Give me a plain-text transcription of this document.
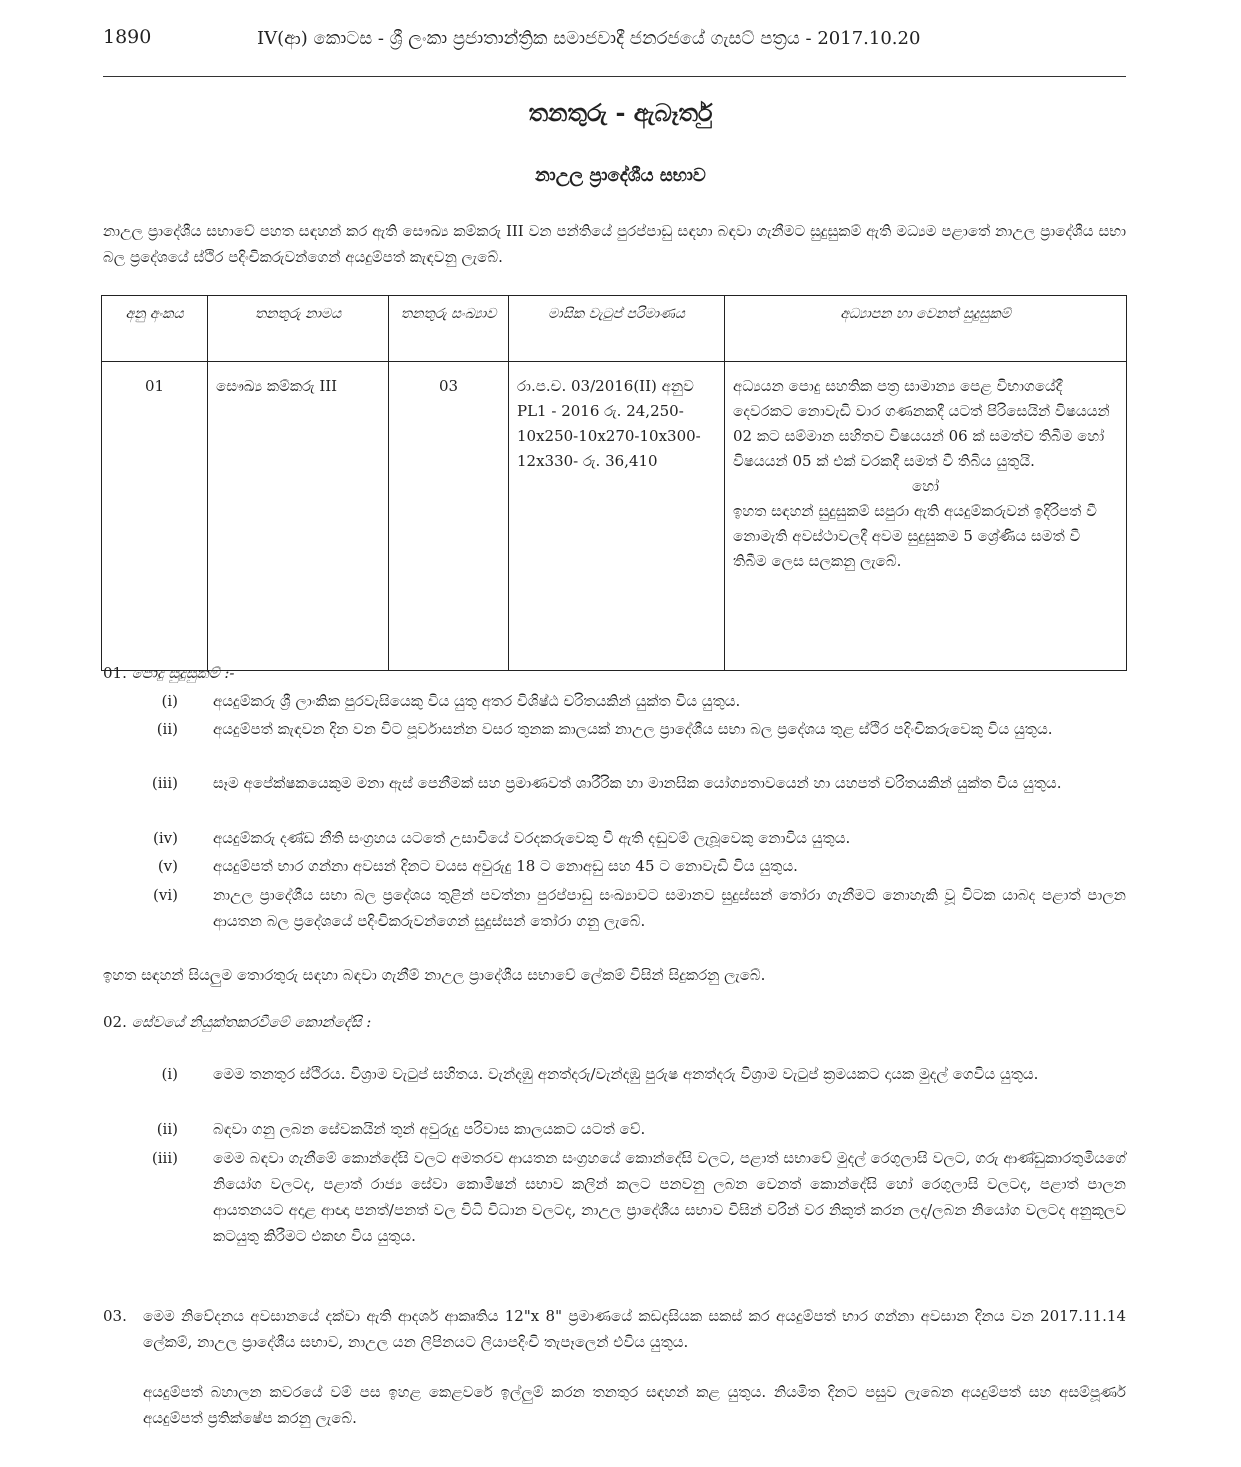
1890	IV(ආ) කොටස - ශ්‍රී ලංකා ප්‍රජාතාන්ත්‍රික සමාජවාදී ජනරජයේ ගැසට් පත්‍රය - 2017.10.20
තනතුරු - ඇබෑර්තු
නාඋල ප්‍රාදේශීය සභාව
නාඋල ප්‍රාදේශීය සභාවේ පහත සඳහන් කර ඇති සෞඛ්‍ය කම්කරු III වන පන්තියේ පුරප්පාඩු සඳහා බඳවා ගැනීමට සුදුසුකම් ඇති මධ්‍යම පළාතේ නාඋල ප්‍රාදේශීය සභා බල ප්‍රදේශයේ ස්ථිර පදිංචිකරුවන්ගෙන් අයදුම්පත් කැඳවනු ලැබේ.
අනු අංකය	තනතුරු නාමය	තනතුරු සංඛ්‍යාව	මාසික වැටුප් පරිමාණය	අධ්‍යාපන හා වෙනත් සුදුසුකම්
01	සෞඛ්‍ය කම්කරු III	03	රා.ප.ච. 03/2016(II) අනුව PL1 - 2016 රු. 24,250- 10x250-10x270-10x300- 12x330- රු. 36,410	අධ්‍යයන පොදු සහතික පත්‍ර සාමාන්‍ය පෙළ විභාගයේදී දෙවරකට නොවැඩි වාර ගණනකදී යටත් පිරිසෙයින් විෂයයන් 02 කට සම්මාන සහිතව විෂයයන් 06 ක් සමත්ව තිබීම හෝ විෂයයන් 05 ක් එක් වරකදී සමත් වී තිබිය යුතුයි.
හෝ
ඉහත සඳහන් සුදුසුකම් සපුරා ඇති අයදුම්කරුවන් ඉදිරිපත් වී නොමැති අවස්ථාවලදී අවම සුදුසුකම 5 ශ්‍රේණිය සමත් වී තිබීම ලෙස සලකනු ලැබේ.
01. පොදු සුදුසුකම් :-
(i) අයදුම්කරු ශ්‍රී ලාංකික පුරවැසියෙකු විය යුතු අතර විශිෂ්ඨ චරිතයකින් යුක්ත විය යුතුය.
(ii) අයදුම්පත් කැඳවන දින වන විට පූර්වාසන්න වසර තුනක කාලයක් නාඋල ප්‍රාදේශීය සභා බල ප්‍රදේශය තුළ ස්ථිර පදිංචිකරුවෙකු විය යුතුය.
(iii) සෑම අපේක්ෂකයෙකුම මනා ඇස් පෙනීමක් සහ ප්‍රමාණවත් ශාරීරික හා මානසික යෝග්‍යතාවයෙන් හා යහපත් චරිතයකින් යුක්ත විය යුතුය.
(iv) අයදුම්කරු දණ්ඩ නීති සංග්‍රහය යටතේ උසාවියේ වරදකරුවෙකු වී ඇති දඬුවම් ලැබූවෙකු නොවිය යුතුය.
(v) අයදුම්පත් භාර ගන්නා අවසන් දිනට වයස අවුරුදු 18 ට නොඅඩු සහ 45 ට නොවැඩි විය යුතුය.
(vi) නාඋල ප්‍රාදේශීය සභා බල ප්‍රදේශය තුළින් පවත්නා පුරප්පාඩු සංඛ්‍යාවට සමානව සුදුස්සන් තෝරා ගැනීමට නොහැකි වූ විටක යාබද පළාත් පාලන ආයතන බල ප්‍රදේශයේ පදිංචිකරුවන්ගෙන් සුදුස්සන් තෝරා ගනු ලැබේ.
ඉහත සඳහන් සියලුම තොරතුරු සඳහා බඳවා ගැනීම් නාඋල ප්‍රාදේශීය සභාවේ ලේකම් විසින් සිදුකරනු ලැබේ.
02. සේවයේ නියුක්තකරවීමේ කොන්දේසි :
(i) මෙම තනතුර ස්ථිරය. විශ්‍රාම වැටුප් සහිතය. වැන්දඹු අනත්දරු/වැන්දඹු පුරුෂ අනත්දරු විශ්‍රාම වැටුප් ක්‍රමයකට දායක මුදල් ගෙවිය යුතුය.
(ii) බඳවා ගනු ලබන සේවකයින් තුන් අවුරුදු පරිවාස කාලයකට යටත් වේ.
(iii) මෙම බඳවා ගැනීමේ කොන්දේසි වලට අමතරව ආයතන සංග්‍රහයේ කොන්දේසි වලට, පළාත් සභාවේ මුදල් රෙගුලාසි වලට, ගරු ආණ්ඩුකාරතුමියගේ නියෝග වලටද, පළාත් රාජ්‍ය සේවා කොමිෂන් සභාව කලින් කලට පනවනු ලබන වෙනත් කොන්දේසි හෝ රෙගුලාසි වලටද, පළාත් පාලන ආයතනයට අදාළ ආඥා පනත්/පනත් වල විධි විධාන වලටද, නාඋල ප්‍රාදේශීය සභාව විසින් වරින් වර නිකුත් කරන ලද/ලබන නියෝග වලටද අනුකූලව කටයුතු කිරීමට එකඟ විය යුතුය.
03. මෙම නිවේදනය අවසානයේ දක්වා ඇති ආදර්ශ ආකෘතිය 12"x 8" ප්‍රමාණයේ කඩදාසියක සකස් කර අයදුම්පත් භාර ගන්නා අවසාන දිනය වන 2017.11.14 ලේකම්, නාඋල ප්‍රාදේශීය සභාව, නාඋල යන ලිපිනයට ලියාපදිංචි තැපෑලෙන් එවිය යුතුය.
අයදුම්පත් බහාලන කවරයේ වම් පස ඉහළ කෙළවරේ ඉල්ලුම් කරන තනතුර සඳහන් කළ යුතුය. නියමිත දිනට පසුව ලැබෙන අයදුම්පත් සහ අසම්පූර්ණ අයදුම්පත් ප්‍රතික්ෂේප කරනු ලැබේ.
